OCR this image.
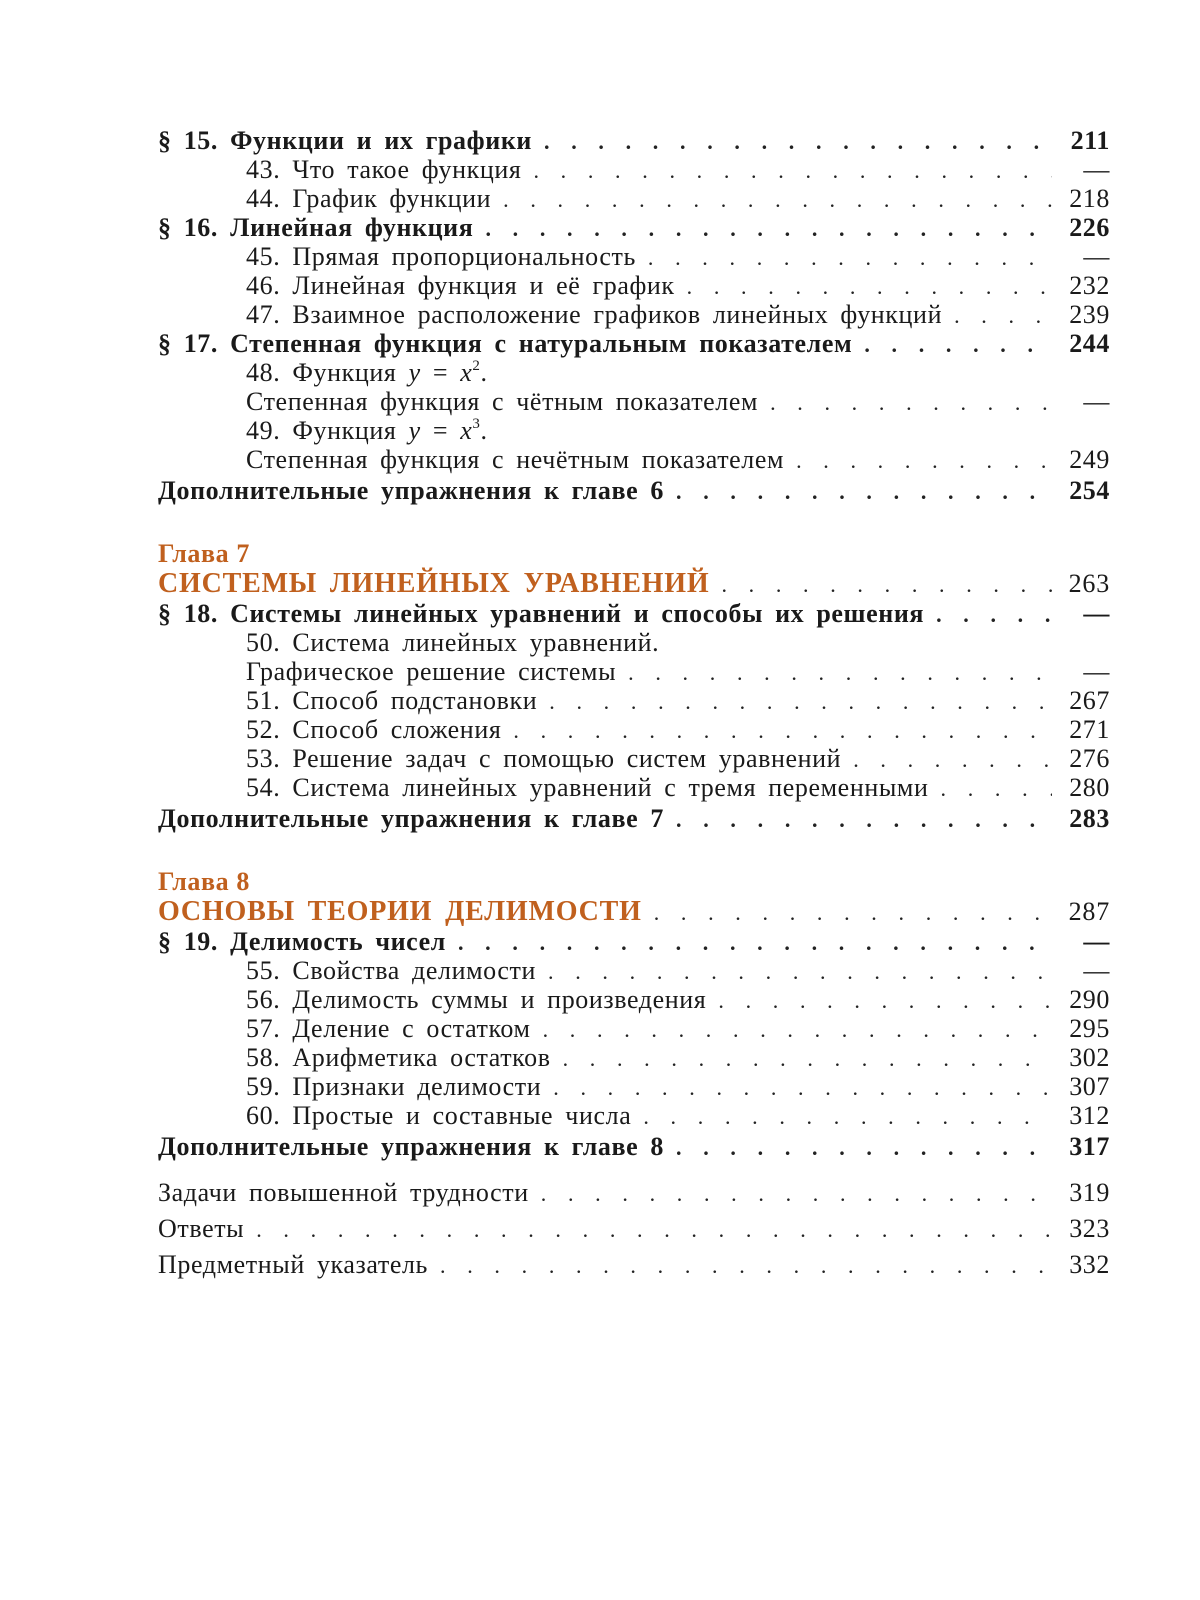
§ 15. Функции и их графики . . .	211
43. Что такое функция . . .	—
44. График функции . . .	218
§ 16. Линейная функция . . .	226
45. Прямая пропорциональность . . .	—
46. Линейная функция и её график . . .	232
47. Взаимное расположение графиков линейных функций . . .	239
§ 17. Степенная функция с натуральным показателем . . .	244
48. Функция $y = x^2$.
Степенная функция с чётным показателем . . .	—
49. Функция $y = x^3$.
Степенная функция с нечётным показателем . . .	249
Дополнительные упражнения к главе 6 . . .	254
Глава 7
СИСТЕМЫ ЛИНЕЙНЫХ УРАВНЕНИЙ . . .	263
§ 18. Системы линейных уравнений и способы их решения . . .	—
50. Система линейных уравнений.
Графическое решение системы . . .	—
51. Способ подстановки . . .	267
52. Способ сложения . . .	271
53. Решение задач с помощью систем уравнений . . .	276
54. Система линейных уравнений с тремя переменными . . .	280
Дополнительные упражнения к главе 7 . . .	283
Глава 8
ОСНОВЫ ТЕОРИИ ДЕЛИМОСТИ . . .	287
§ 19. Делимость чисел . . .	—
55. Свойства делимости . . .	—
56. Делимость суммы и произведения . . .	290
57. Деление с остатком . . .	295
58. Арифметика остатков . . .	302
59. Признаки делимости . . .	307
60. Простые и составные числа . . .	312
Дополнительные упражнения к главе 8 . . .	317
Задачи повышенной трудности . . .	319
Ответы . . .	323
Предметный указатель . . .	332
